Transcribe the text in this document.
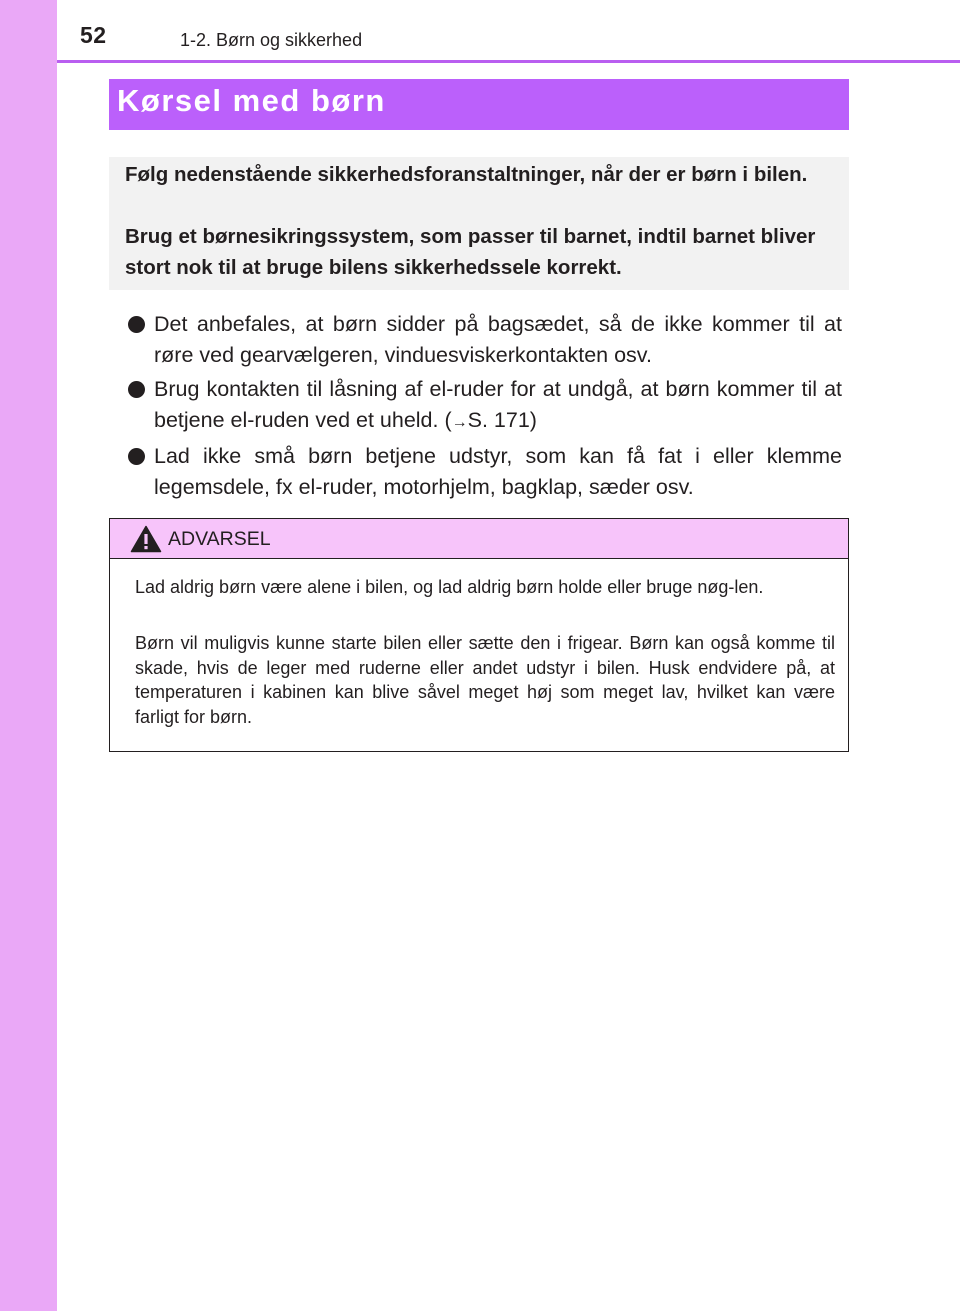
52	1-2. Børn og sikkerhed
Kørsel med børn

Følg nedenstående sikkerhedsforanstaltninger, når der er børn i bilen.

Brug et børnesikringssystem, som passer til barnet, indtil barnet bliver stort nok til at bruge bilens sikkerhedssele korrekt.

Det anbefales, at børn sidder på bagsædet, så de ikke kommer til at røre ved gearvælgeren, vinduesviskerkontakten osv.
Brug kontakten til låsning af el-ruder for at undgå, at børn kommer til at betjene el-ruden ved et uheld. (→S. 171)
Lad ikke små børn betjene udstyr, som kan få fat i eller klemme legemsdele, fx el-ruder, motorhjelm, bagklap, sæder osv.
ADVARSEL

Lad aldrig børn være alene i bilen, og lad aldrig børn holde eller bruge nøg-len.

Børn vil muligvis kunne starte bilen eller sætte den i frigear. Børn kan også komme til skade, hvis de leger med ruderne eller andet udstyr i bilen. Husk endvidere på, at temperaturen i kabinen kan blive såvel meget høj som meget lav, hvilket kan være farligt for børn.
